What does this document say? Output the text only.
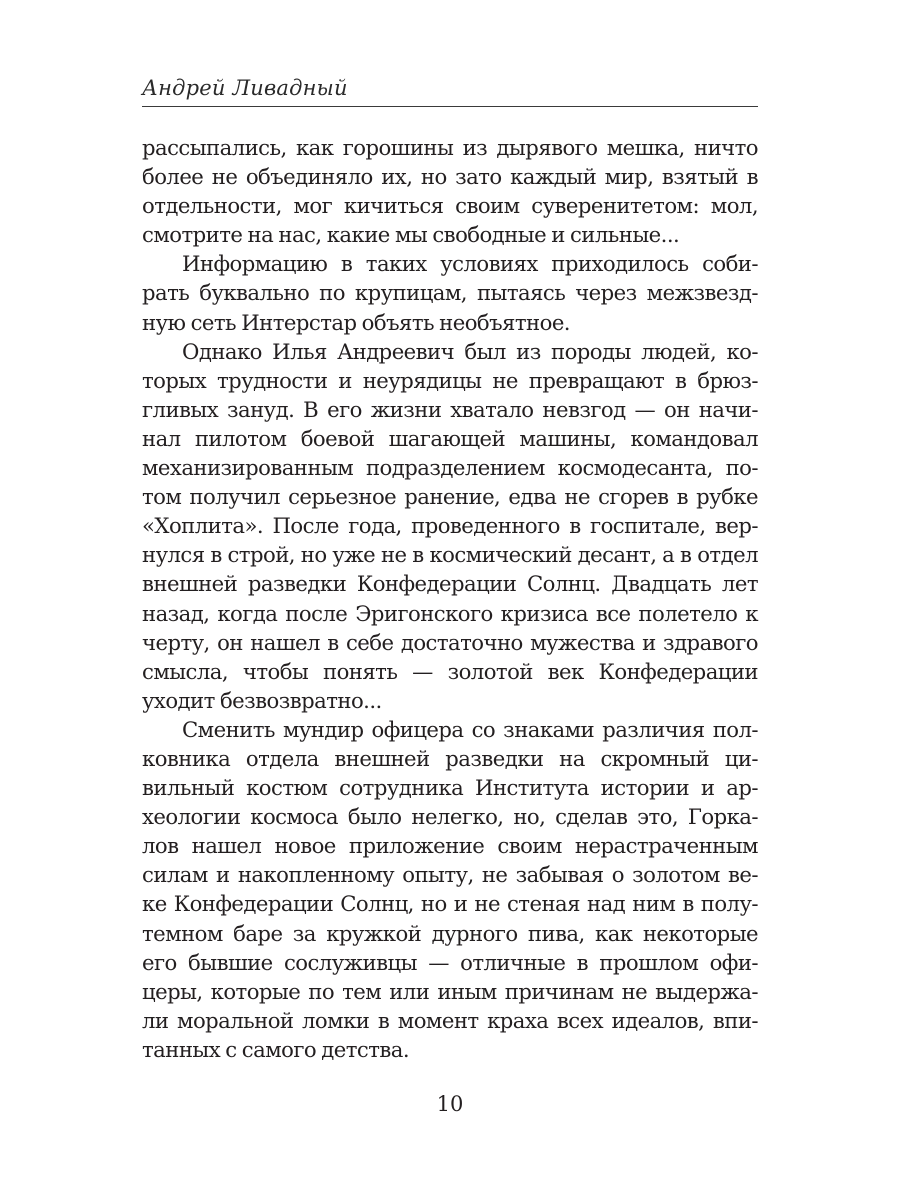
Андрей Ливадный
рассыпались, как горошины из дырявого мешка, ничто
более не объединяло их, но зато каждый мир, взятый в
отдельности, мог кичиться своим суверенитетом: мол,
смотрите на нас, какие мы свободные и сильные...
Информацию в таких условиях приходилось соби-
рать буквально по крупицам, пытаясь через межзвезд-
ную сеть Интерстар объять необъятное.
Однако Илья Андреевич был из породы людей, ко-
торых трудности и неурядицы не превращают в брюз-
гливых зануд. В его жизни хватало невзгод — он начи-
нал пилотом боевой шагающей машины, командовал
механизированным подразделением космодесанта, по-
том получил серьезное ранение, едва не сгорев в рубке
«Хоплита». После года, проведенного в госпитале, вер-
нулся в строй, но уже не в космический десант, а в отдел
внешней разведки Конфедерации Солнц. Двадцать лет
назад, когда после Эригонского кризиса все полетело к
черту, он нашел в себе достаточно мужества и здравого
смысла, чтобы понять — золотой век Конфедерации
уходит безвозвратно...
Сменить мундир офицера со знаками различия пол-
ковника отдела внешней разведки на скромный ци-
вильный костюм сотрудника Института истории и ар-
хеологии космоса было нелегко, но, сделав это, Горка-
лов нашел новое приложение своим нерастраченным
силам и накопленному опыту, не забывая о золотом ве-
ке Конфедерации Солнц, но и не стеная над ним в полу-
темном баре за кружкой дурного пива, как некоторые
его бывшие сослуживцы — отличные в прошлом офи-
церы, которые по тем или иным причинам не выдержа-
ли моральной ломки в момент краха всех идеалов, впи-
танных с самого детства.
10
